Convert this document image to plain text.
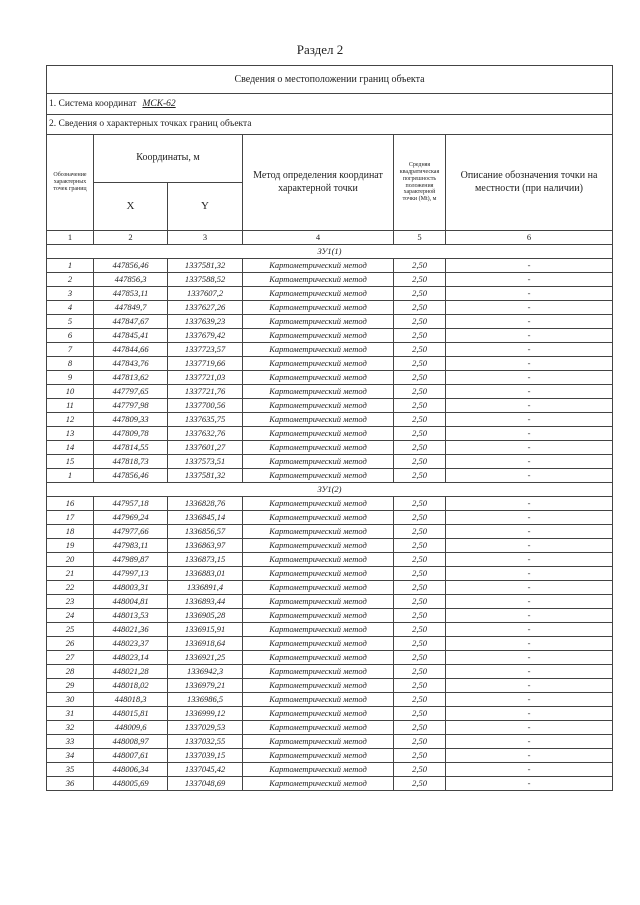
Раздел 2
Сведения о местоположении границ объекта					
1. Система координат МСК-62					
2. Сведения о характерных точках границ объекта					
Обозначение характерных точек границ	Координаты, м		Метод определения координат характерной точки	Средняя квадратическая погрешность положения характерной точки (Mt), м	Описание обозначения точки на местности (при наличии)
	X	Y			
1	2	3	4	5	6
ЗУ1(1)					
1	447856,46	1337581,32	Картометрический метод	2,50	-
2	447856,3	1337588,52	Картометрический метод	2,50	-
3	447853,11	1337607,2	Картометрический метод	2,50	-
4	447849,7	1337627,26	Картометрический метод	2,50	-
5	447847,67	1337639,23	Картометрический метод	2,50	-
6	447845,41	1337679,42	Картометрический метод	2,50	-
7	447844,66	1337723,57	Картометрический метод	2,50	-
8	447843,76	1337719,66	Картометрический метод	2,50	-
9	447813,62	1337721,03	Картометрический метод	2,50	-
10	447797,65	1337721,76	Картометрический метод	2,50	-
11	447797,98	1337700,56	Картометрический метод	2,50	-
12	447809,33	1337635,75	Картометрический метод	2,50	-
13	447809,78	1337632,76	Картометрический метод	2,50	-
14	447814,55	1337601,27	Картометрический метод	2,50	-
15	447818,73	1337573,51	Картометрический метод	2,50	-
1	447856,46	1337581,32	Картометрический метод	2,50	-
ЗУ1(2)					
16	447957,18	1336828,76	Картометрический метод	2,50	-
17	447969,24	1336845,14	Картометрический метод	2,50	-
18	447977,66	1336856,57	Картометрический метод	2,50	-
19	447983,11	1336863,97	Картометрический метод	2,50	-
20	447989,87	1336873,15	Картометрический метод	2,50	-
21	447997,13	1336883,01	Картометрический метод	2,50	-
22	448003,31	1336891,4	Картометрический метод	2,50	-
23	448004,81	1336893,44	Картометрический метод	2,50	-
24	448013,53	1336905,28	Картометрический метод	2,50	-
25	448021,36	1336915,91	Картометрический метод	2,50	-
26	448023,37	1336918,64	Картометрический метод	2,50	-
27	448023,14	1336921,25	Картометрический метод	2,50	-
28	448021,28	1336942,3	Картометрический метод	2,50	-
29	448018,02	1336979,21	Картометрический метод	2,50	-
30	448018,3	1336986,5	Картометрический метод	2,50	-
31	448015,81	1336999,12	Картометрический метод	2,50	-
32	448009,6	1337029,53	Картометрический метод	2,50	-
33	448008,97	1337032,55	Картометрический метод	2,50	-
34	448007,61	1337039,15	Картометрический метод	2,50	-
35	448006,34	1337045,42	Картометрический метод	2,50	-
36	448005,69	1337048,69	Картометрический метод	2,50	-
